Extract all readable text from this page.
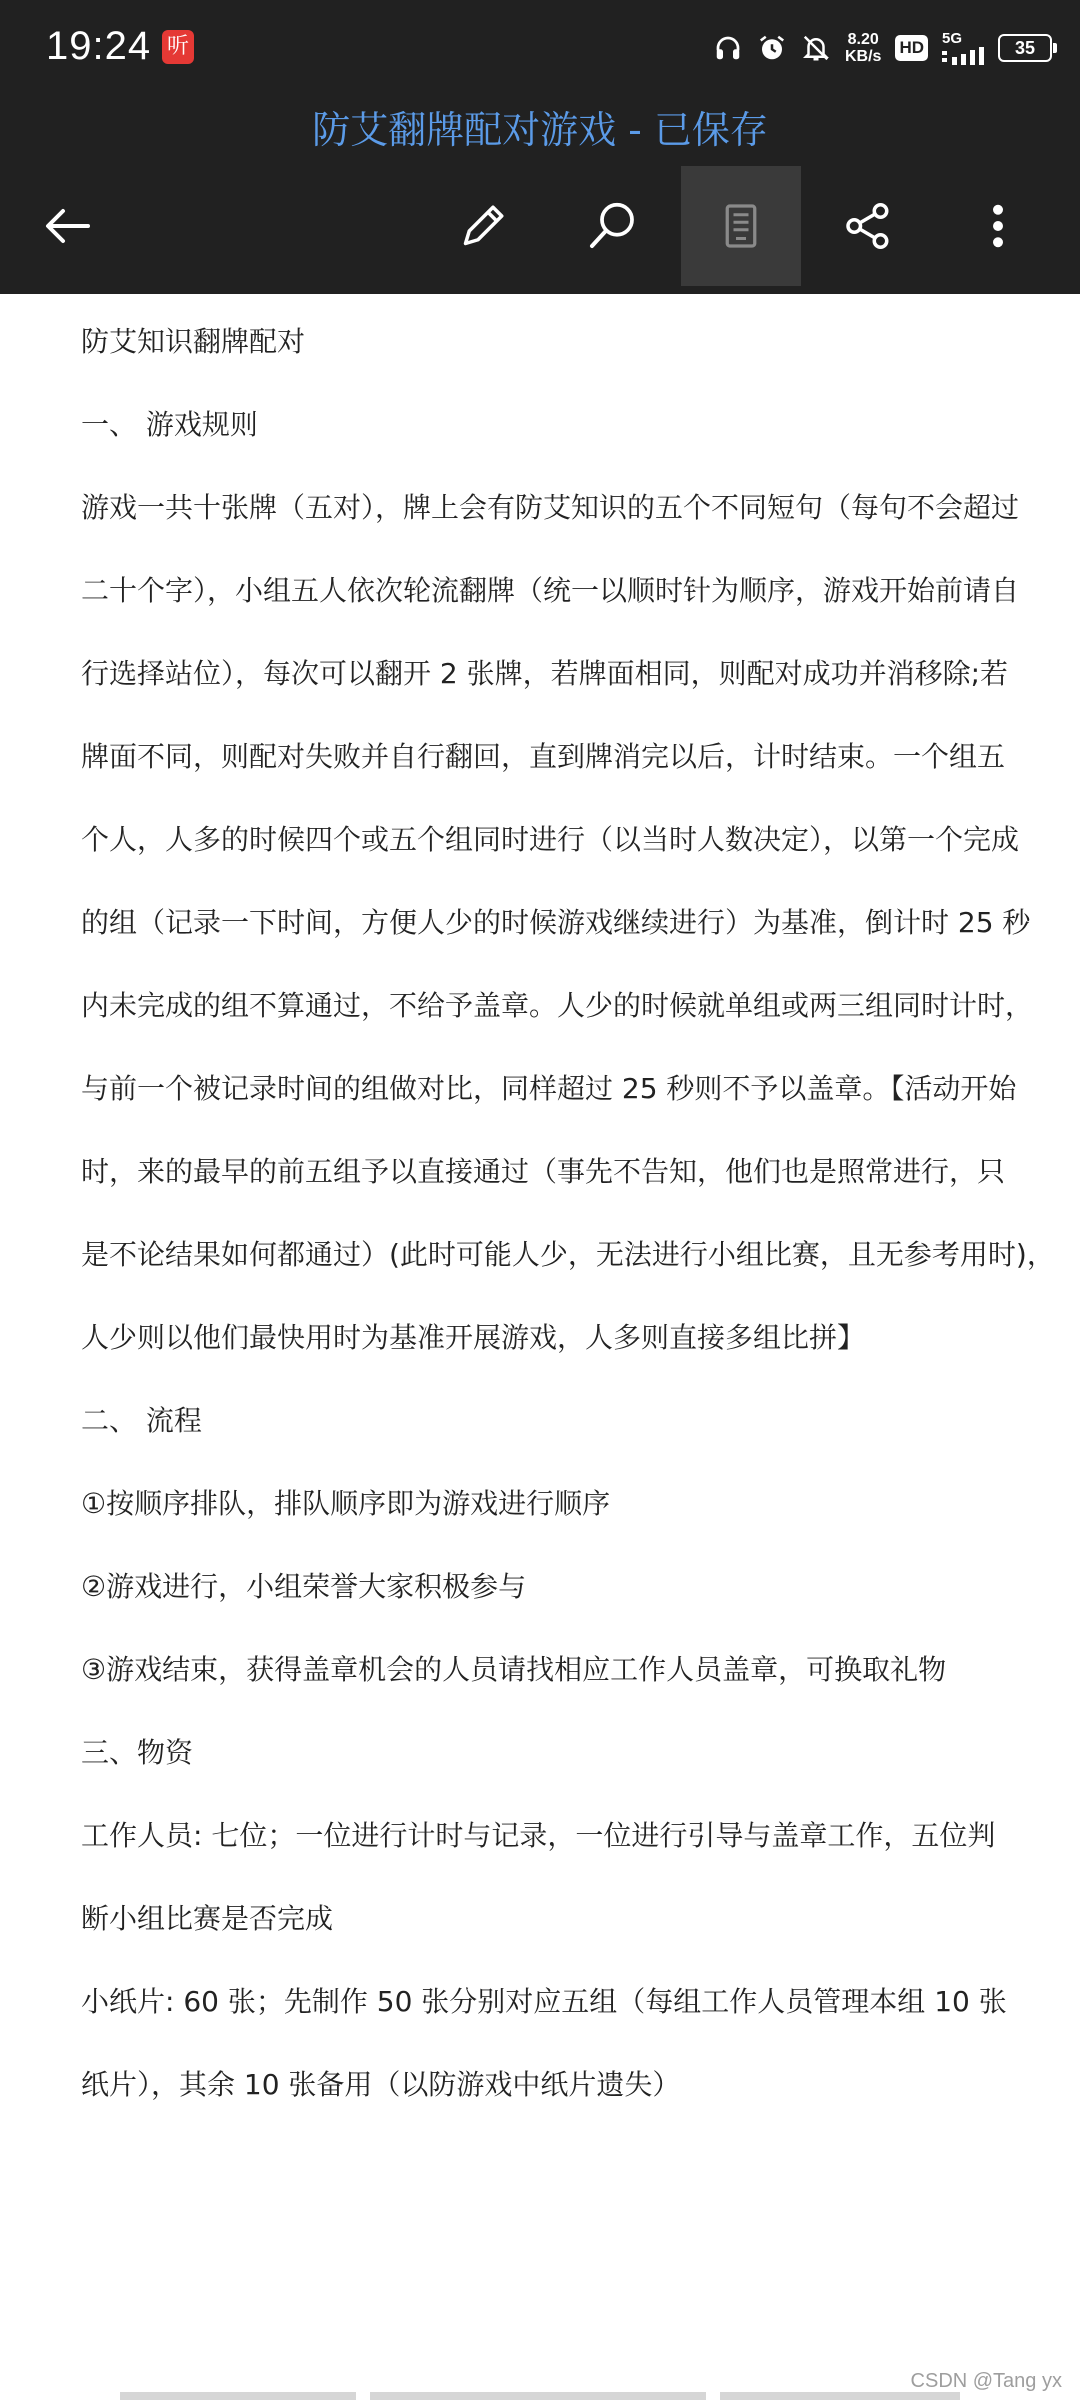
19:24 听	8.20
KB/s HD 5G	35
防艾翻牌配对游戏 - 已保存

防艾知识翻牌配对

一、 游戏规则

游戏一共十张牌（五对），牌上会有防艾知识的五个不同短句（每句不会超过

二十个字），小组五人依次轮流翻牌（统一以顺时针为顺序，游戏开始前请自

行选择站位），每次可以翻开 2 张牌，若牌面相同，则配对成功并消移除;若

牌面不同，则配对失败并自行翻回，直到牌消完以后，计时结束。一个组五

个人，人多的时候四个或五个组同时进行（以当时人数决定），以第一个完成

的组（记录一下时间，方便人少的时候游戏继续进行）为基准，倒计时 25 秒

内未完成的组不算通过，不给予盖章。人少的时候就单组或两三组同时计时，

与前一个被记录时间的组做对比，同样超过 25 秒则不予以盖章。【活动开始

时，来的最早的前五组予以直接通过（事先不告知，他们也是照常进行，只

是不论结果如何都通过）(此时可能人少，无法进行小组比赛，且无参考用时)，

人少则以他们最快用时为基准开展游戏，人多则直接多组比拼】

二、 流程

①按顺序排队，排队顺序即为游戏进行顺序

②游戏进行，小组荣誉大家积极参与

③游戏结束，获得盖章机会的人员请找相应工作人员盖章，可换取礼物

三、物资

工作人员: 七位；一位进行计时与记录，一位进行引导与盖章工作，五位判

断小组比赛是否完成

小纸片: 60 张；先制作 50 张分别对应五组（每组工作人员管理本组 10 张

纸片），其余 10 张备用（以防游戏中纸片遗失）

CSDN @Tang yx
